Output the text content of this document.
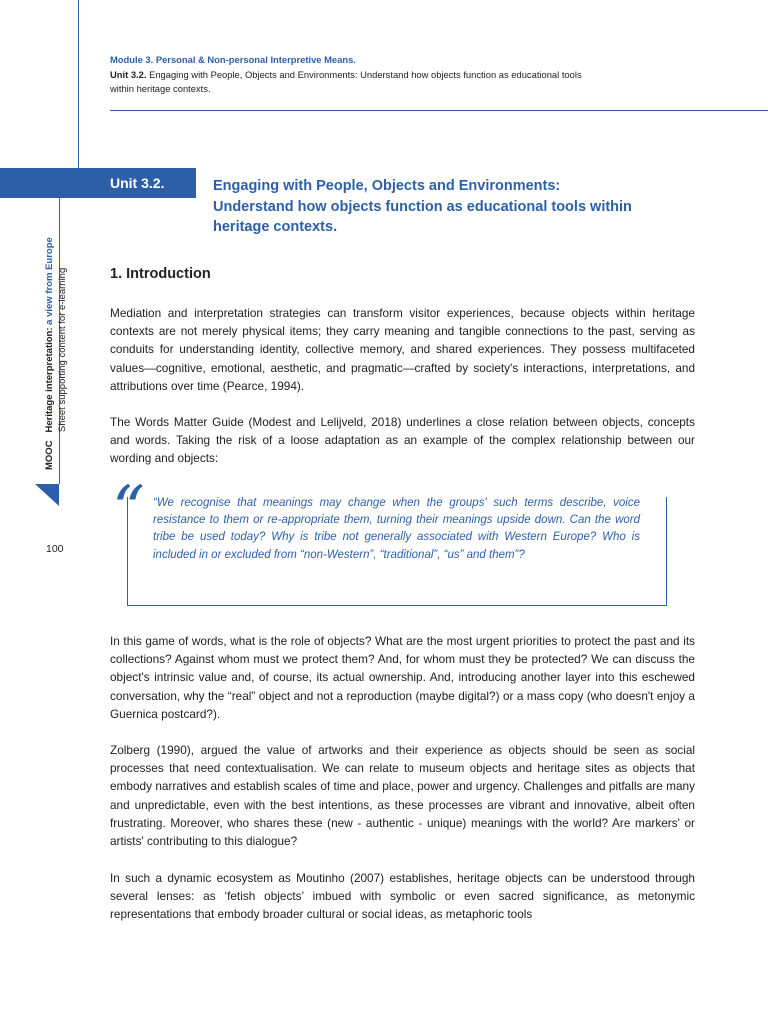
Module 3. Personal & Non-personal Interpretive Means.
Unit 3.2. Engaging with People, Objects and Environments: Understand how objects function as educational tools within heritage contexts.
Unit 3.2.	Engaging with People, Objects and Environments: Understand how objects function as educational tools within heritage contexts.
MOOC   Heritage interpretation: a view from Europe Sheet supporting content for e-learning
100
1. Introduction

Mediation and interpretation strategies can transform visitor experiences, because objects within heritage contexts are not merely physical items; they carry meaning and tangible connections to the past, serving as conduits for understanding identity, collective memory, and shared experiences. They possess multifaceted values—cognitive, emotional, aesthetic, and pragmatic—crafted by society's interactions, interpretations, and attributions over time (Pearce, 1994).

The Words Matter Guide (Modest and Lelijveld, 2018) underlines a close relation between objects, concepts and words. Taking the risk of a loose adaptation as an example of the complex relationship between our wording and objects:

“ “We recognise that meanings may change when the groups' such terms describe, voice resistance to them or re-appropriate them, turning their meanings upside down. Can the word tribe be used today? Why is tribe not generally associated with Western Europe? Who is included in or excluded from “non-Western”, “traditional”, “us” and them”?

In this game of words, what is the role of objects? What are the most urgent priorities to protect the past and its collections? Against whom must we protect them? And, for whom must they be protected? We can discuss the object's intrinsic value and, of course, its actual ownership. And, introducing another layer into this eschewed conversation, why the “real” object and not a reproduction (maybe digital?) or a mass copy (who doesn't enjoy a Guernica postcard?).

Zolberg (1990), argued the value of artworks and their experience as objects should be seen as social processes that need contextualisation. We can relate to museum objects and heritage sites as objects that embody narratives and establish scales of time and place, power and urgency. Challenges and pitfalls are many and unpredictable, even with the best intentions, as these processes are vibrant and innovative, albeit often frustrating. Moreover, who shares these (new - authentic - unique) meanings with the world? Are markers' or artists' contributing to this dialogue?

In such a dynamic ecosystem as Moutinho (2007) establishes, heritage objects can be understood through several lenses: as ‘fetish objects’ imbued with symbolic or even sacred significance, as metonymic representations that embody broader cultural or social ideas, as metaphoric tools
